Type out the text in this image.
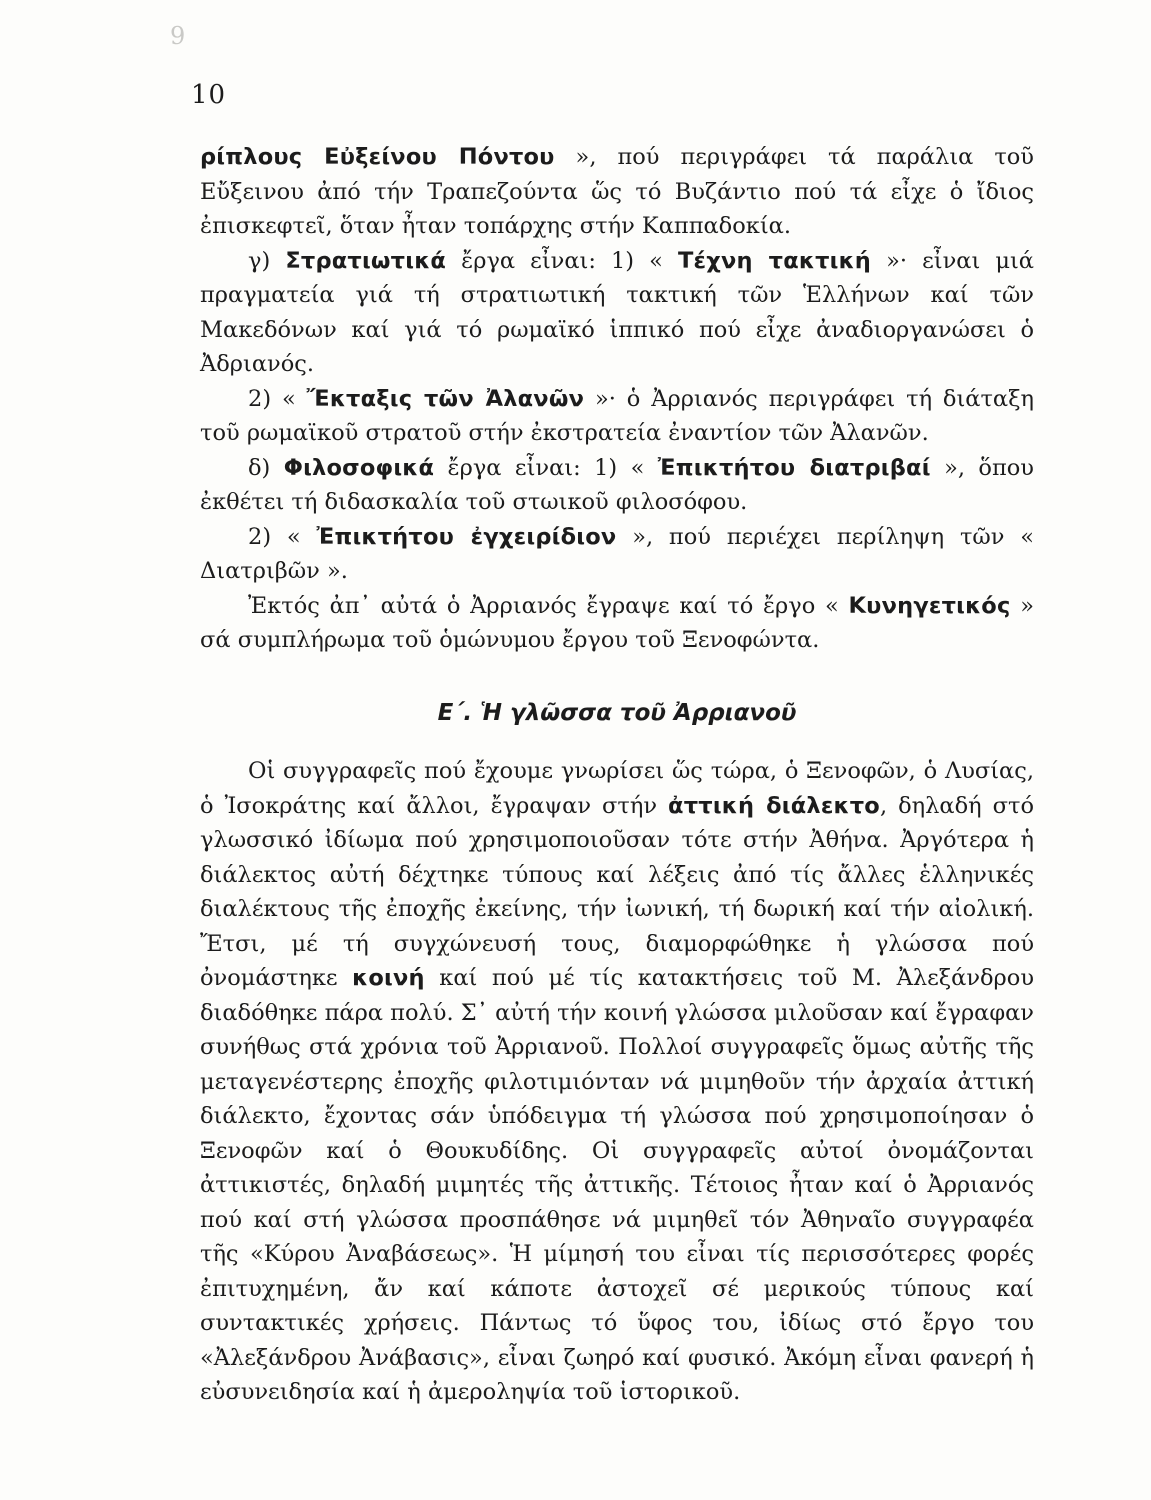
9
10

ρίπλους Εὐξείνου Πόντου », πού περιγράφει τά παράλια τοῦ Εὔξεινου ἀπό τήν Τραπεζούντα ὥς τό Βυζάντιο πού τά εἶχε ὁ ἴδιος ἐπισκεφτεῖ, ὅταν ἦταν τοπάρχης στήν Καππαδοκία.

γ) Στρατιωτικά ἔργα εἶναι: 1) « Τέχνη τακτική »· εἶναι μιά πραγματεία γιά τή στρατιωτική τακτική τῶν Ἑλλήνων καί τῶν Μακεδόνων καί γιά τό ρωμαϊκό ἱππικό πού εἶχε ἀναδιοργανώσει ὁ Ἀδριανός.

2) « Ἔκταξις τῶν Ἀλανῶν »· ὁ Ἀρριανός περιγράφει τή διάταξη τοῦ ρωμαϊκοῦ στρατοῦ στήν ἐκστρατεία ἐναντίον τῶν Ἀλανῶν.

δ) Φιλοσοφικά ἔργα εἶναι: 1) « Ἐπικτήτου διατριβαί », ὅπου ἐκθέτει τή διδασκαλία τοῦ στωικοῦ φιλοσόφου.

2) « Ἐπικτήτου ἐγχειρίδιον », πού περιέχει περίληψη τῶν « Διατριβῶν ».

Ἐκτός ἀπ᾿ αὐτά ὁ Ἀρριανός ἔγραψε καί τό ἔργο « Κυνηγετικός » σά συμπλήρωμα τοῦ ὁμώνυμου ἔργου τοῦ Ξενοφώντα.

Ε΄. Ἡ γλῶσσα τοῦ Ἀρριανοῦ

Οἱ συγγραφεῖς πού ἔχουμε γνωρίσει ὥς τώρα, ὁ Ξενοφῶν, ὁ Λυσίας, ὁ Ἰσοκράτης καί ἄλλοι, ἔγραψαν στήν ἀττική διάλεκτο, δηλαδή στό γλωσσικό ἰδίωμα πού χρησιμοποιοῦσαν τότε στήν Ἀθήνα. Ἀργότερα ἡ διάλεκτος αὐτή δέχτηκε τύπους καί λέξεις ἀπό τίς ἄλλες ἑλληνικές διαλέκτους τῆς ἐποχῆς ἐκείνης, τήν ἰωνική, τή δωρική καί τήν αἰολική. Ἔτσι, μέ τή συγχώνευσή τους, διαμορφώθηκε ἡ γλώσσα πού ὀνομάστηκε κοινή καί πού μέ τίς κατακτήσεις τοῦ Μ. Ἀλεξάνδρου διαδόθηκε πάρα πολύ. Σ᾿ αὐτή τήν κοινή γλώσσα μιλοῦσαν καί ἔγραφαν συνήθως στά χρόνια τοῦ Ἀρριανοῦ. Πολλοί συγγραφεῖς ὅμως αὐτῆς τῆς μεταγενέστερης ἐποχῆς φιλοτιμιόνταν νά μιμηθοῦν τήν ἀρχαία ἀττική διάλεκτο, ἔχοντας σάν ὑπόδειγμα τή γλώσσα πού χρησιμοποίησαν ὁ Ξενοφῶν καί ὁ Θουκυδίδης. Οἱ συγγραφεῖς αὐτοί ὀνομάζονται ἀττικιστές, δηλαδή μιμητές τῆς ἀττικῆς. Τέτοιος ἦταν καί ὁ Ἀρριανός πού καί στή γλώσσα προσπάθησε νά μιμηθεῖ τόν Ἀθηναῖο συγγραφέα τῆς «Κύρου Ἀναβάσεως». Ἡ μίμησή του εἶναι τίς περισσότερες φορές ἐπιτυχημένη, ἄν καί κάποτε ἀστοχεῖ σέ μερικούς τύπους καί συντακτικές χρήσεις. Πάντως τό ὕφος του, ἰδίως στό ἔργο του «Ἀλεξάνδρου Ἀνάβασις», εἶναι ζωηρό καί φυσικό. Ἀκόμη εἶναι φανερή ἡ εὐσυνειδησία καί ἡ ἀμεροληψία τοῦ ἱστορικοῦ.
